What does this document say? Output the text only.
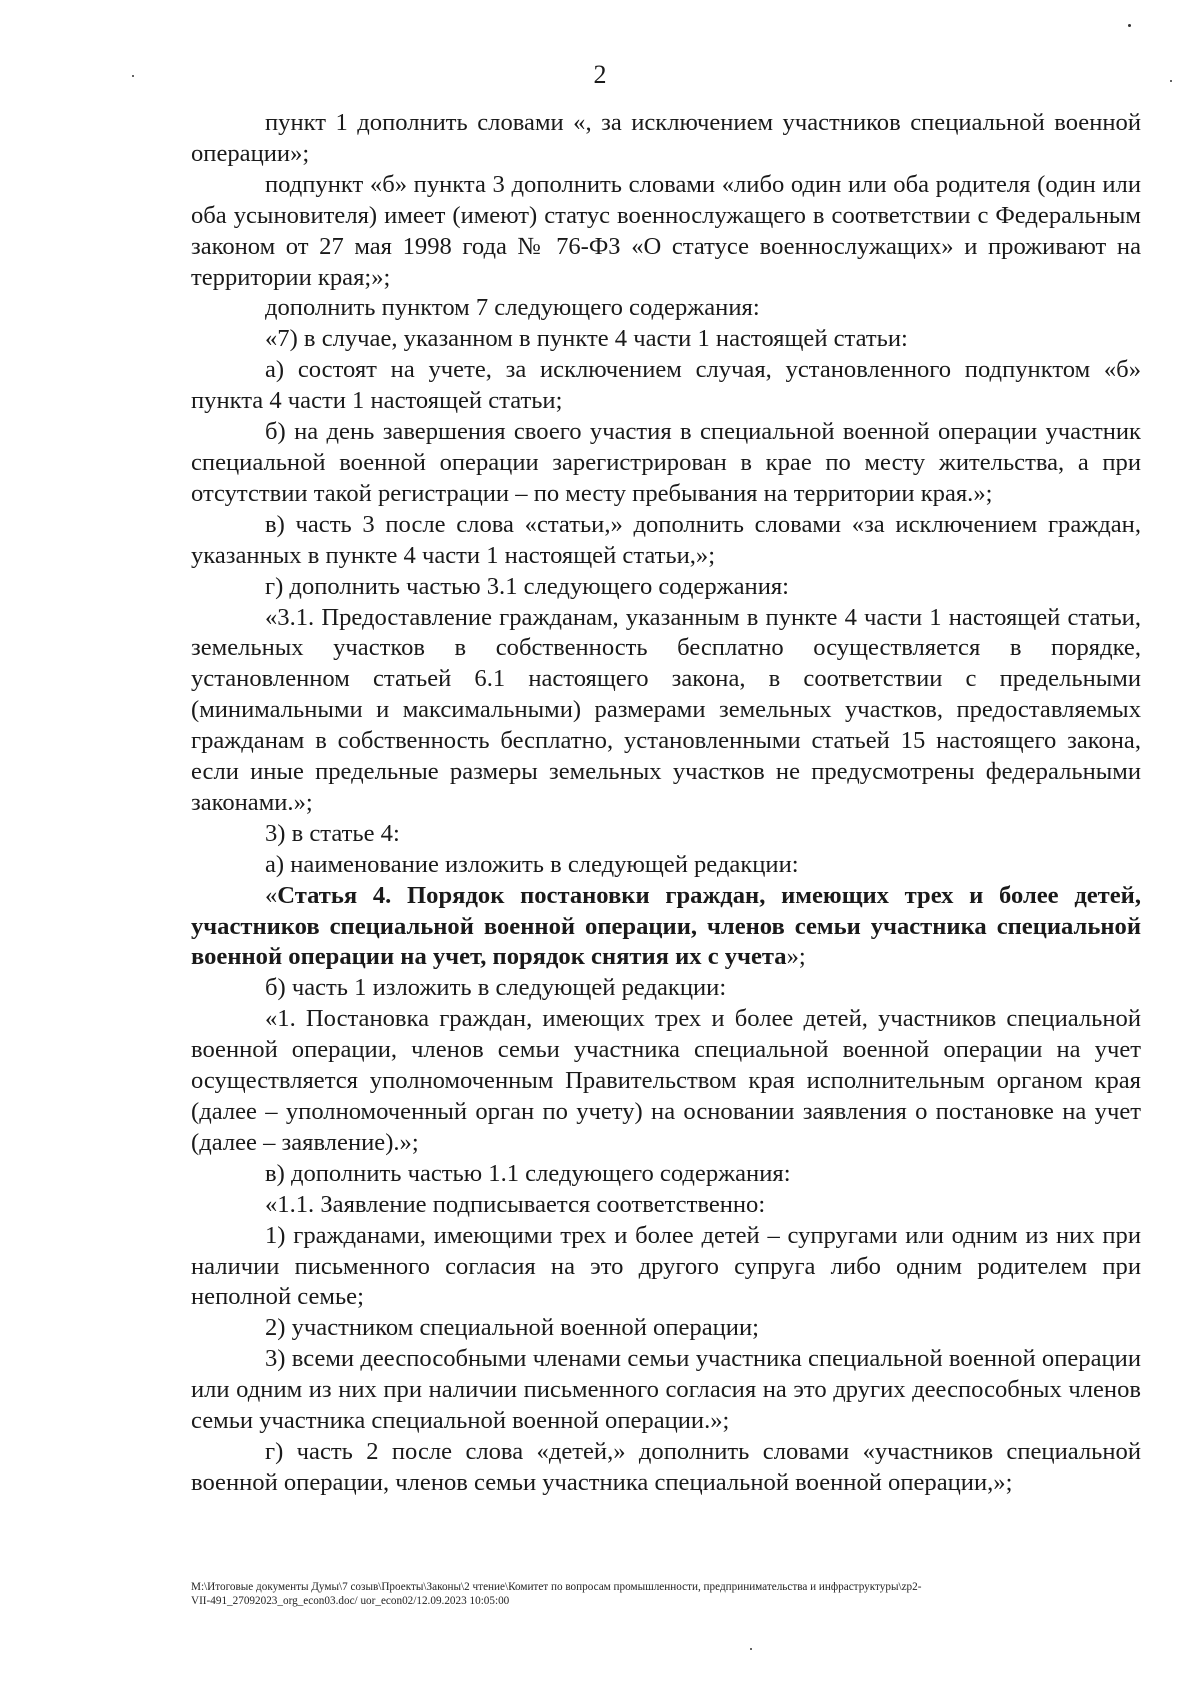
2

пункт 1 дополнить словами «, за исключением участников специальной военной операции»;

подпункт «б» пункта 3 дополнить словами «либо один или оба родителя (один или оба усыновителя) имеет (имеют) статус военнослужащего в соответствии с Федеральным законом от 27 мая 1998 года № 76-ФЗ «О статусе военнослужащих» и проживают на территории края;»;

дополнить пунктом 7 следующего содержания:

«7) в случае, указанном в пункте 4 части 1 настоящей статьи:

а) состоят на учете, за исключением случая, установленного подпунктом «б» пункта 4 части 1 настоящей статьи;

б) на день завершения своего участия в специальной военной операции участник специальной военной операции зарегистрирован в крае по месту жительства, а при отсутствии такой регистрации – по месту пребывания на территории края.»;

в) часть 3 после слова «статьи,» дополнить словами «за исключением граждан, указанных в пункте 4 части 1 настоящей статьи,»;

г) дополнить частью 3.1 следующего содержания:

«3.1. Предоставление гражданам, указанным в пункте 4 части 1 настоящей статьи, земельных участков в собственность бесплатно осуществляется в порядке, установленном статьей 6.1 настоящего закона, в соответствии с предельными (минимальными и максимальными) размерами земельных участков, предоставляемых гражданам в собственность бесплатно, установленными статьей 15 настоящего закона, если иные предельные размеры земельных участков не предусмотрены федеральными законами.»;

3) в статье 4:

а) наименование изложить в следующей редакции:

«Статья 4. Порядок постановки граждан, имеющих трех и более детей, участников специальной военной операции, членов семьи участника специальной военной операции на учет, порядок снятия их с учета»;

б) часть 1 изложить в следующей редакции:

«1. Постановка граждан, имеющих трех и более детей, участников специальной военной операции, членов семьи участника специальной военной операции на учет осуществляется уполномоченным Правительством края исполнительным органом края (далее – уполномоченный орган по учету) на основании заявления о постановке на учет (далее – заявление).»;

в) дополнить частью 1.1 следующего содержания:

«1.1. Заявление подписывается соответственно:

1) гражданами, имеющими трех и более детей – супругами или одним из них при наличии письменного согласия на это другого супруга либо одним родителем при неполной семье;

2) участником специальной военной операции;

3) всеми дееспособными членами семьи участника специальной военной операции или одним из них при наличии письменного согласия на это других дееспособных членов семьи участника специальной военной операции.»;

г) часть 2 после слова «детей,» дополнить словами «участников специальной военной операции, членов семьи участника специальной военной операции,»;

М:\Итоговые документы Думы\7 созыв\Проекты\Законы\2 чтение\Комитет по вопросам промышленности, предпринимательства и инфраструктуры\zp2-
VII-491_27092023_org_econ03.doc/ uor_econ02/12.09.2023 10:05:00
